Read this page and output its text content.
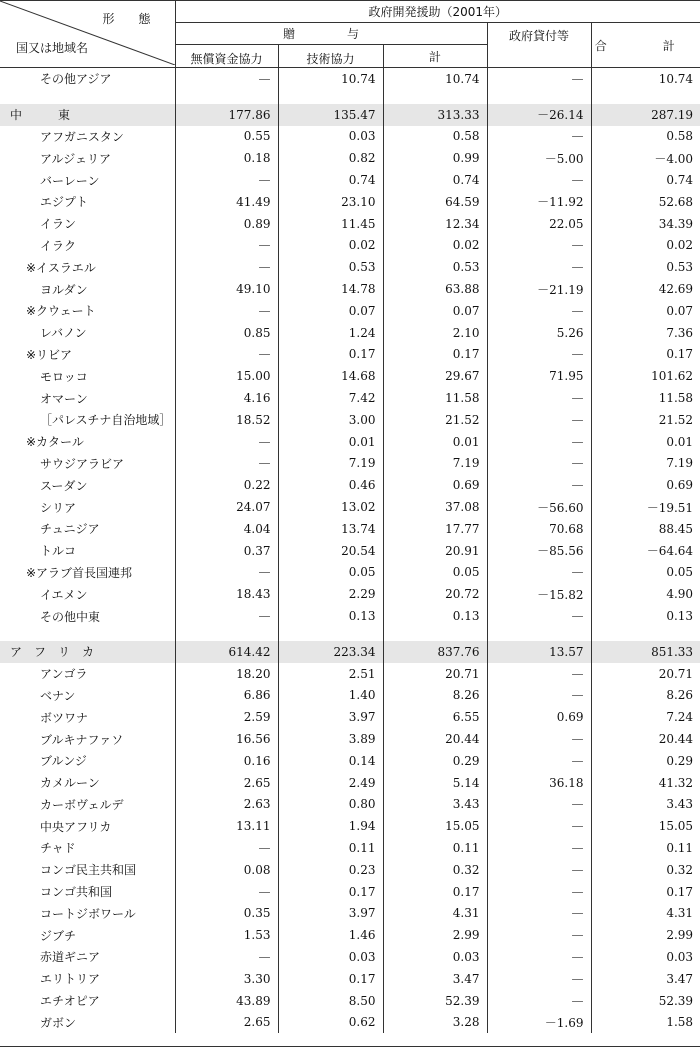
形　態
国又は地域名	政府開発援助（2001年）				
	贈　与			政府貸付等	合　計
	無償資金協力	技術協力	計		
その他アジア	—	10.74	10.74	—	10.74

中　　　東	177.86	135.47	313.33	－26.14	287.19
アフガニスタン	0.55	0.03	0.58	—	0.58
アルジェリア	0.18	0.82	0.99	－5.00	－4.00
バーレーン	—	0.74	0.74	—	0.74
エジプト	41.49	23.10	64.59	－11.92	52.68
イラン	0.89	11.45	12.34	22.05	34.39
イラク	—	0.02	0.02	—	0.02
※イスラエル	—	0.53	0.53	—	0.53
ヨルダン	49.10	14.78	63.88	－21.19	42.69
※クウェート	—	0.07	0.07	—	0.07
レバノン	0.85	1.24	2.10	5.26	7.36
※リビア	—	0.17	0.17	—	0.17
モロッコ	15.00	14.68	29.67	71.95	101.62
オマーン	4.16	7.42	11.58	—	11.58
［パレスチナ自治地域］	18.52	3.00	21.52	—	21.52
※カタール	—	0.01	0.01	—	0.01
サウジアラビア	—	7.19	7.19	—	7.19
スーダン	0.22	0.46	0.69	—	0.69
シリア	24.07	13.02	37.08	－56.60	－19.51
チュニジア	4.04	13.74	17.77	70.68	88.45
トルコ	0.37	20.54	20.91	－85.56	－64.64
※アラブ首長国連邦	—	0.05	0.05	—	0.05
イエメン	18.43	2.29	20.72	－15.82	4.90
その他中東	—	0.13	0.13	—	0.13

ア　フ　リ　カ	614.42	223.34	837.76	13.57	851.33
アンゴラ	18.20	2.51	20.71	—	20.71
ベナン	6.86	1.40	8.26	—	8.26
ボツワナ	2.59	3.97	6.55	0.69	7.24
ブルキナファソ	16.56	3.89	20.44	—	20.44
ブルンジ	0.16	0.14	0.29	—	0.29
カメルーン	2.65	2.49	5.14	36.18	41.32
カーボヴェルデ	2.63	0.80	3.43	—	3.43
中央アフリカ	13.11	1.94	15.05	—	15.05
チャド	—	0.11	0.11	—	0.11
コンゴ民主共和国	0.08	0.23	0.32	—	0.32
コンゴ共和国	—	0.17	0.17	—	0.17
コートジボワール	0.35	3.97	4.31	—	4.31
ジブチ	1.53	1.46	2.99	—	2.99
赤道ギニア	—	0.03	0.03	—	0.03
エリトリア	3.30	0.17	3.47	—	3.47
エチオピア	43.89	8.50	52.39	—	52.39
ガボン	2.65	0.62	3.28	－1.69	1.58
